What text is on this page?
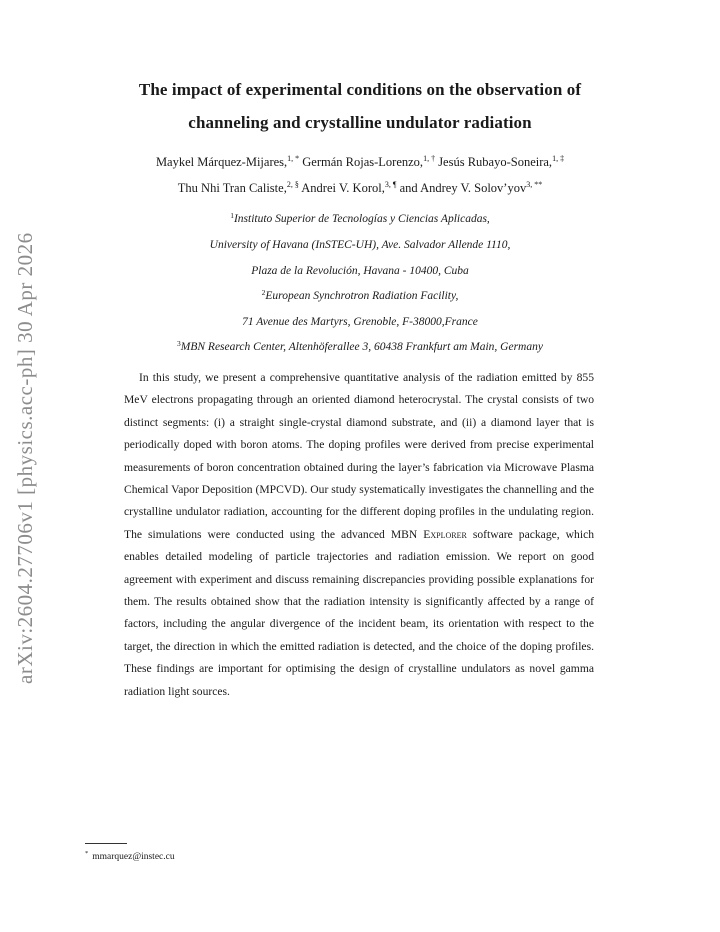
arXiv:2604.27706v1 [physics.acc-ph] 30 Apr 2026
The impact of experimental conditions on the observation of
channeling and crystalline undulator radiation
Maykel Márquez-Mijares,$^{1, *}$ Germán Rojas-Lorenzo,$^{1, \dagger}$ Jesús Rubayo-Soneira,$^{1, \ddagger}$
Thu Nhi Tran Caliste,$^{2, \S}$ Andrei V. Korol,$^{3, \P}$ and Andrey V. Solov’yov$^{3, **}$
$^1$Instituto Superior de Tecnologías y Ciencias Aplicadas,
University of Havana (InSTEC-UH), Ave. Salvador Allende 1110,
Plaza de la Revolución, Havana - 10400, Cuba
$^2$European Synchrotron Radiation Facility,
71 Avenue des Martyrs, Grenoble, F-38000,France
$^3$MBN Research Center, Altenhöferallee 3, 60438 Frankfurt am Main, Germany
In this study, we present a comprehensive quantitative analysis of the radiation emitted by 855 MeV electrons propagating through an oriented diamond heterocrystal. The crystal consists of two distinct segments: (i) a straight single-crystal diamond substrate, and (ii) a diamond layer that is periodically doped with boron atoms. The doping profiles were derived from precise experimental measurements of boron concentration obtained during the layer’s fabrication via Microwave Plasma Chemical Vapor Deposition (MPCVD). Our study systematically investigates the channelling and the crystalline undulator radiation, accounting for the different doping profiles in the undulating region. The simulations were conducted using the advanced MBN Explorer software package, which enables detailed modeling of particle trajectories and radiation emission. We report on good agreement with experiment and discuss remaining discrepancies providing possible explanations for them. The results obtained show that the radiation intensity is significantly affected by a range of factors, including the angular divergence of the incident beam, its orientation with respect to the target, the direction in which the emitted radiation is detected, and the choice of the doping profiles. These findings are important for optimising the design of crystalline undulators as novel gamma radiation light sources.
* mmarquez@instec.cu
